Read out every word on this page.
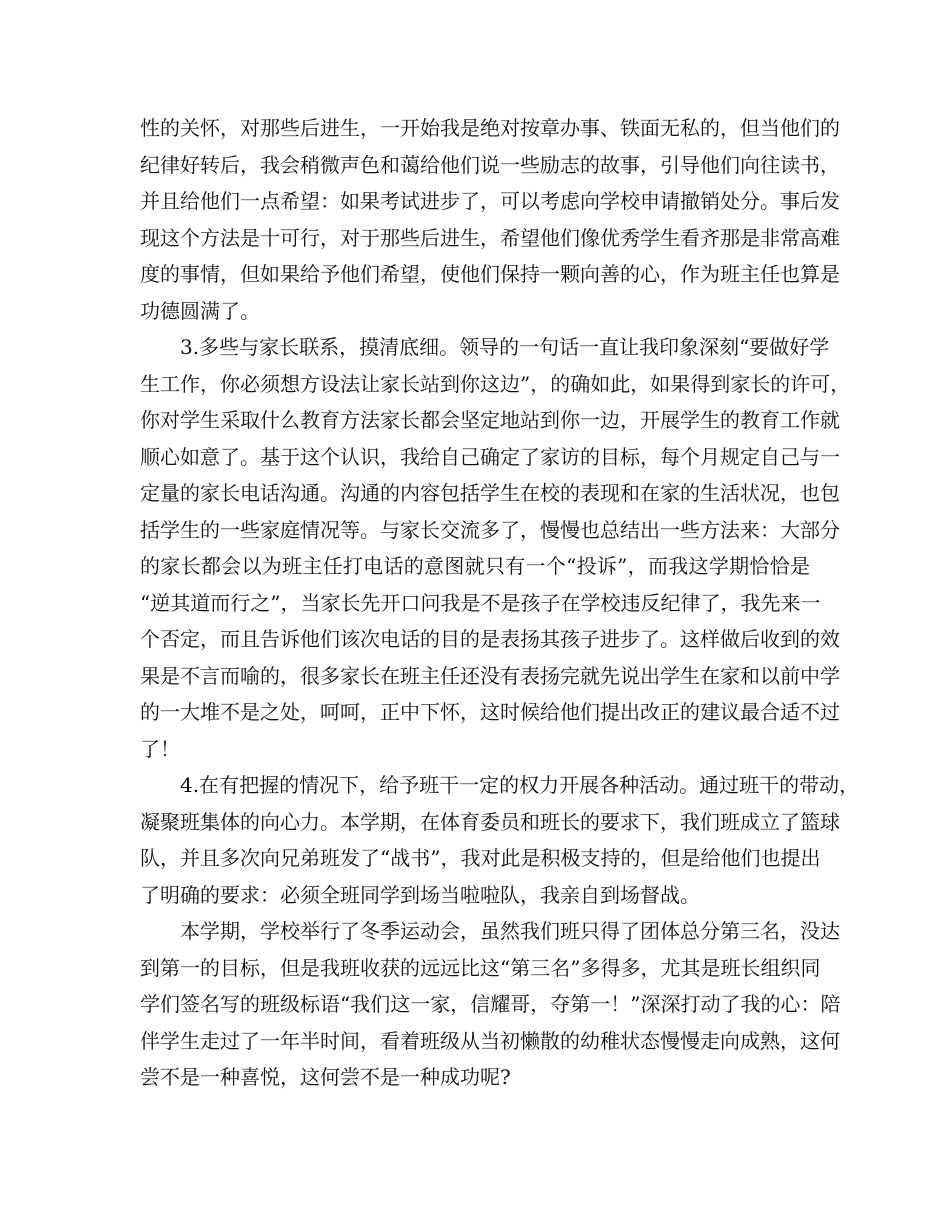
性的关怀，对那些后进生，一开始我是绝对按章办事、铁面无私的，但当他们的
纪律好转后，我会稍微声色和蔼给他们说一些励志的故事，引导他们向往读书，
并且给他们一点希望：如果考试进步了，可以考虑向学校申请撤销处分。事后发
现这个方法是十可行，对于那些后进生，希望他们像优秀学生看齐那是非常高难
度的事情，但如果给予他们希望，使他们保持一颗向善的心，作为班主任也算是
功德圆满了。
3.多些与家长联系，摸清底细。领导的一句话一直让我印象深刻“要做好学
生工作，你必须想方设法让家长站到你这边”，的确如此，如果得到家长的许可，
你对学生采取什么教育方法家长都会坚定地站到你一边，开展学生的教育工作就
顺心如意了。基于这个认识，我给自己确定了家访的目标，每个月规定自己与一
定量的家长电话沟通。沟通的内容包括学生在校的表现和在家的生活状况，也包
括学生的一些家庭情况等。与家长交流多了，慢慢也总结出一些方法来：大部分
的家长都会以为班主任打电话的意图就只有一个“投诉”，而我这学期恰恰是
“逆其道而行之”，当家长先开口问我是不是孩子在学校违反纪律了，我先来一
个否定，而且告诉他们该次电话的目的是表扬其孩子进步了。这样做后收到的效
果是不言而喻的，很多家长在班主任还没有表扬完就先说出学生在家和以前中学
的一大堆不是之处，呵呵，正中下怀，这时候给他们提出改正的建议最合适不过
了！
4.在有把握的情况下，给予班干一定的权力开展各种活动。通过班干的带动，
凝聚班集体的向心力。本学期，在体育委员和班长的要求下，我们班成立了篮球
队，并且多次向兄弟班发了“战书”，我对此是积极支持的，但是给他们也提出
了明确的要求：必须全班同学到场当啦啦队，我亲自到场督战。
本学期，学校举行了冬季运动会，虽然我们班只得了团体总分第三名，没达
到第一的目标，但是我班收获的远远比这“第三名”多得多，尤其是班长组织同
学们签名写的班级标语“我们这一家，信耀哥，夺第一！”深深打动了我的心：陪
伴学生走过了一年半时间，看着班级从当初懒散的幼稚状态慢慢走向成熟，这何
尝不是一种喜悦，这何尝不是一种成功呢?
